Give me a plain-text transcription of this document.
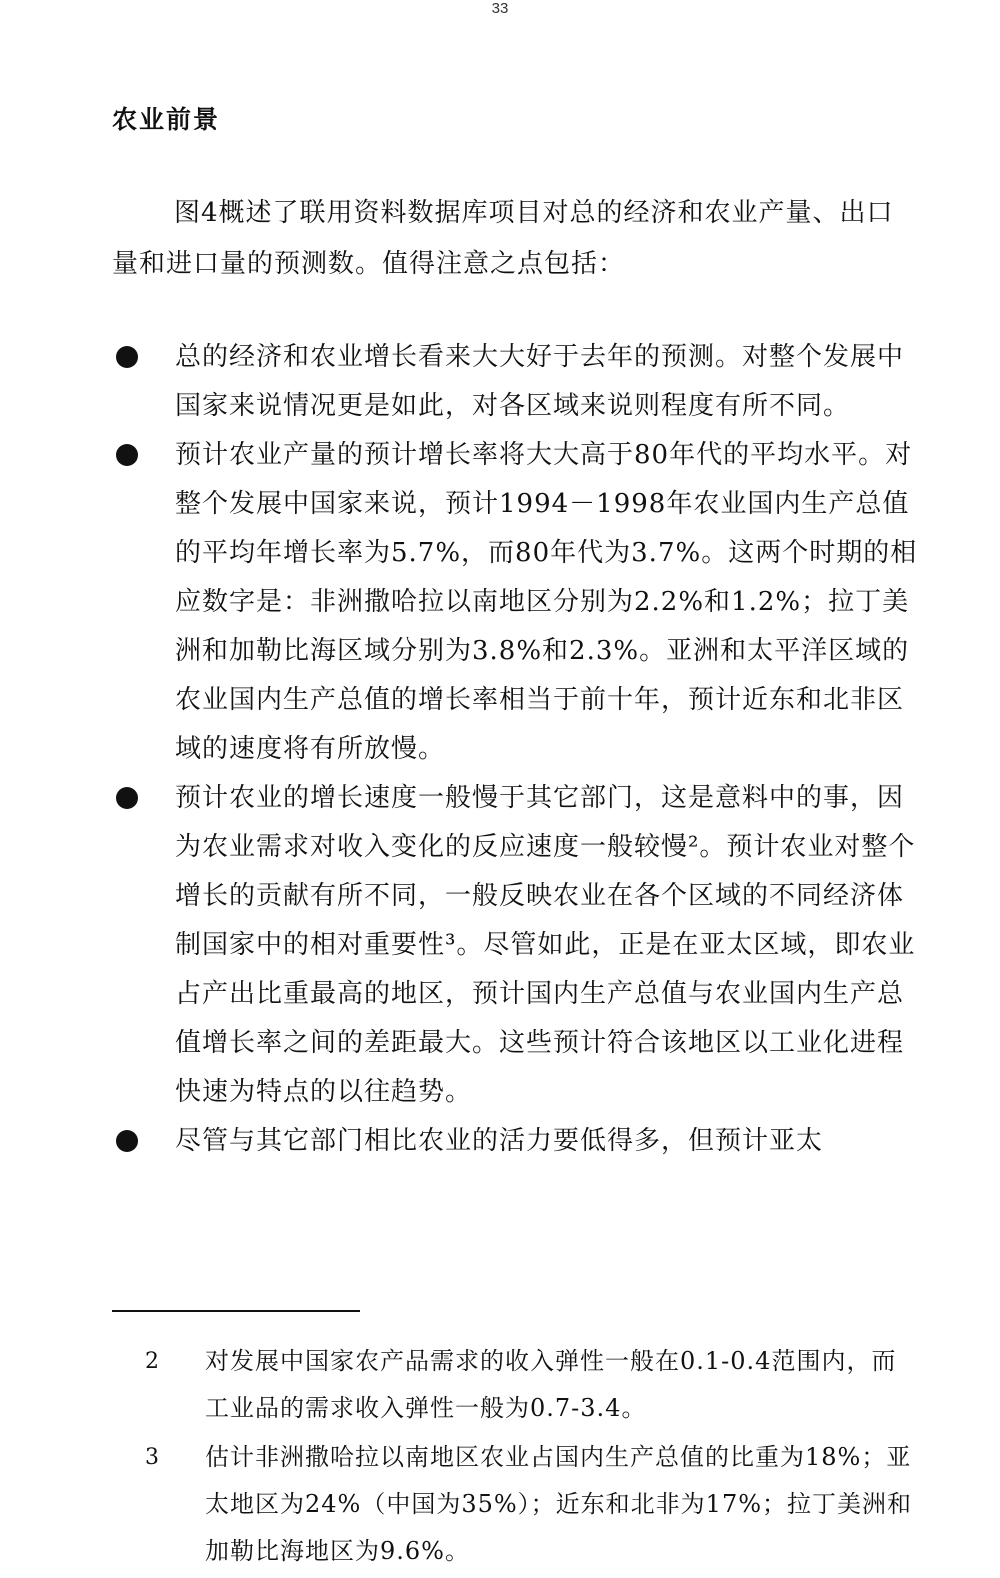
33
农业前景

图4概述了联用资料数据库项目对总的经济和农业产量、出口量和进口量的预测数。值得注意之点包括：

总的经济和农业增长看来大大好于去年的预测。对整个发展中国家来说情况更是如此，对各区域来说则程度有所不同。
预计农业产量的预计增长率将大大高于80年代的平均水平。对整个发展中国家来说，预计1994－1998年农业国内生产总值的平均年增长率为5.7%，而80年代为3.7%。这两个时期的相应数字是：非洲撒哈拉以南地区分别为2.2%和1.2%；拉丁美洲和加勒比海区域分别为3.8%和2.3%。亚洲和太平洋区域的农业国内生产总值的增长率相当于前十年，预计近东和北非区域的速度将有所放慢。
预计农业的增长速度一般慢于其它部门，这是意料中的事，因为农业需求对收入变化的反应速度一般较慢²。预计农业对整个增长的贡献有所不同，一般反映农业在各个区域的不同经济体制国家中的相对重要性³。尽管如此，正是在亚太区域，即农业占产出比重最高的地区，预计国内生产总值与农业国内生产总值增长率之间的差距最大。这些预计符合该地区以工业化进程快速为特点的以往趋势。
尽管与其它部门相比农业的活力要低得多，但预计亚太
2 对发展中国家农产品需求的收入弹性一般在0.1-0.4范围内，而工业品的需求收入弹性一般为0.7-3.4。
3 估计非洲撒哈拉以南地区农业占国内生产总值的比重为18%；亚太地区为24%（中国为35%）；近东和北非为17%；拉丁美洲和加勒比海地区为9.6%。
